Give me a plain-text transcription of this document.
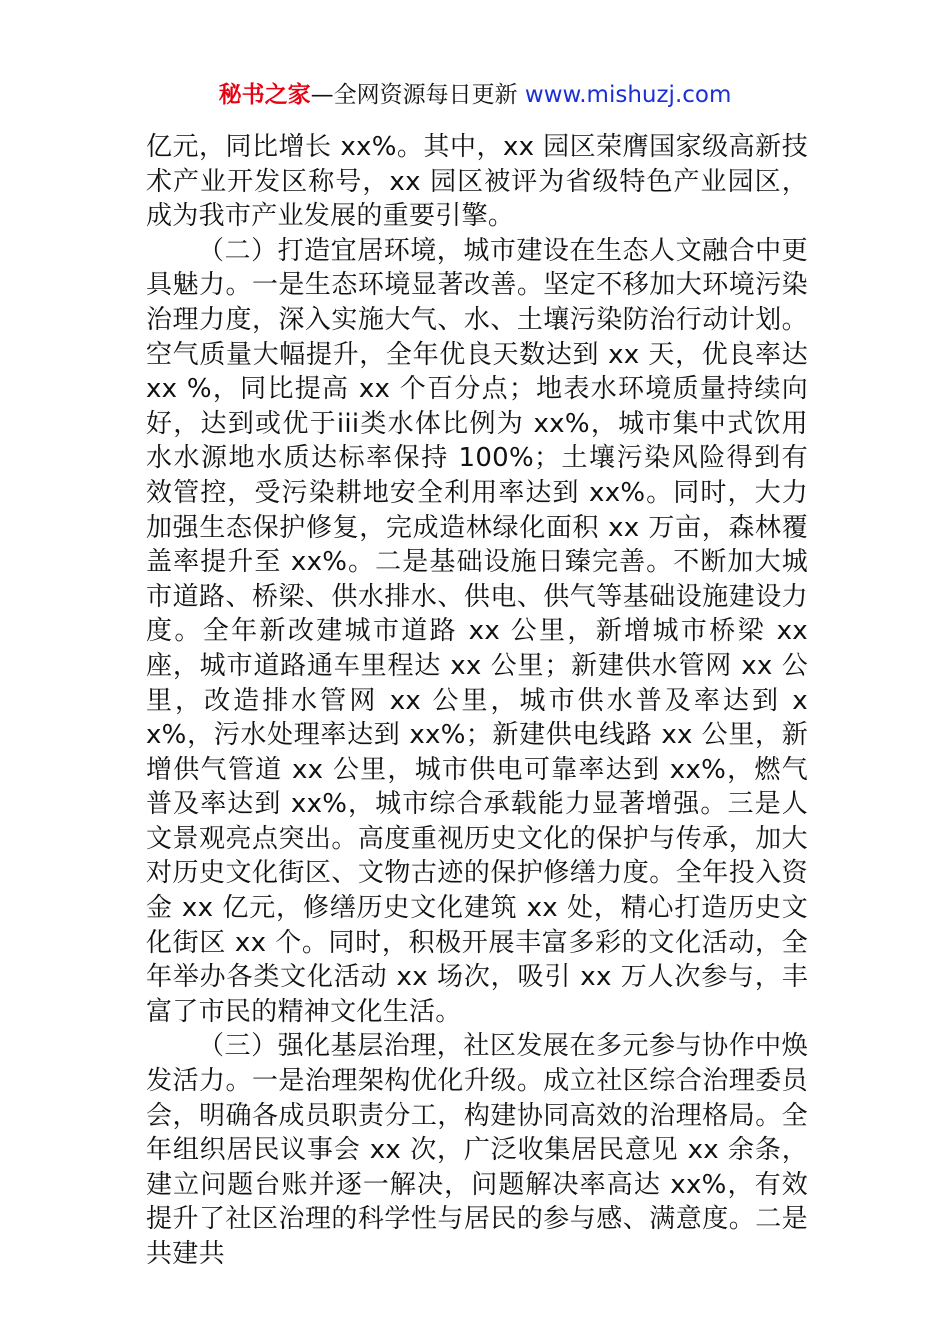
秘书之家—全网资源每日更新 www.mishuzj.com

亿元，同比增长 xx%。其中，xx 园区荣膺国家级高新技术产业开发区称号，xx 园区被评为省级特色产业园区，成为我市产业发展的重要引擎。

（二）打造宜居环境，城市建设在生态人文融合中更具魅力。一是生态环境显著改善。坚定不移加大环境污染治理力度，深入实施大气、水、土壤污染防治行动计划。空气质量大幅提升，全年优良天数达到 xx 天，优良率达 xx %，同比提高 xx 个百分点；地表水环境质量持续向好，达到或优于iii类水体比例为 xx%，城市集中式饮用水水源地水质达标率保持 100%；土壤污染风险得到有效管控，受污染耕地安全利用率达到 xx%。同时，大力加强生态保护修复，完成造林绿化面积 xx 万亩，森林覆盖率提升至 xx%。二是基础设施日臻完善。不断加大城市道路、桥梁、供水排水、供电、供气等基础设施建设力度。全年新改建城市道路 xx 公里，新增城市桥梁 xx 座，城市道路通车里程达 xx 公里；新建供水管网 xx 公里，改造排水管网 xx 公里，城市供水普及率达到 xx%，污水处理率达到 xx%；新建供电线路 xx 公里，新增供气管道 xx 公里，城市供电可靠率达到 xx%，燃气普及率达到 xx%，城市综合承载能力显著增强。三是人文景观亮点突出。高度重视历史文化的保护与传承，加大对历史文化街区、文物古迹的保护修缮力度。全年投入资金 xx 亿元，修缮历史文化建筑 xx 处，精心打造历史文化街区 xx 个。同时，积极开展丰富多彩的文化活动，全年举办各类文化活动 xx 场次，吸引 xx 万人次参与，丰富了市民的精神文化生活。

（三）强化基层治理，社区发展在多元参与协作中焕发活力。一是治理架构优化升级。成立社区综合治理委员会，明确各成员职责分工，构建协同高效的治理格局。全年组织居民议事会 xx 次，广泛收集居民意见 xx 余条，建立问题台账并逐一解决，问题解决率高达 xx%，有效提升了社区治理的科学性与居民的参与感、满意度。二是共建共
